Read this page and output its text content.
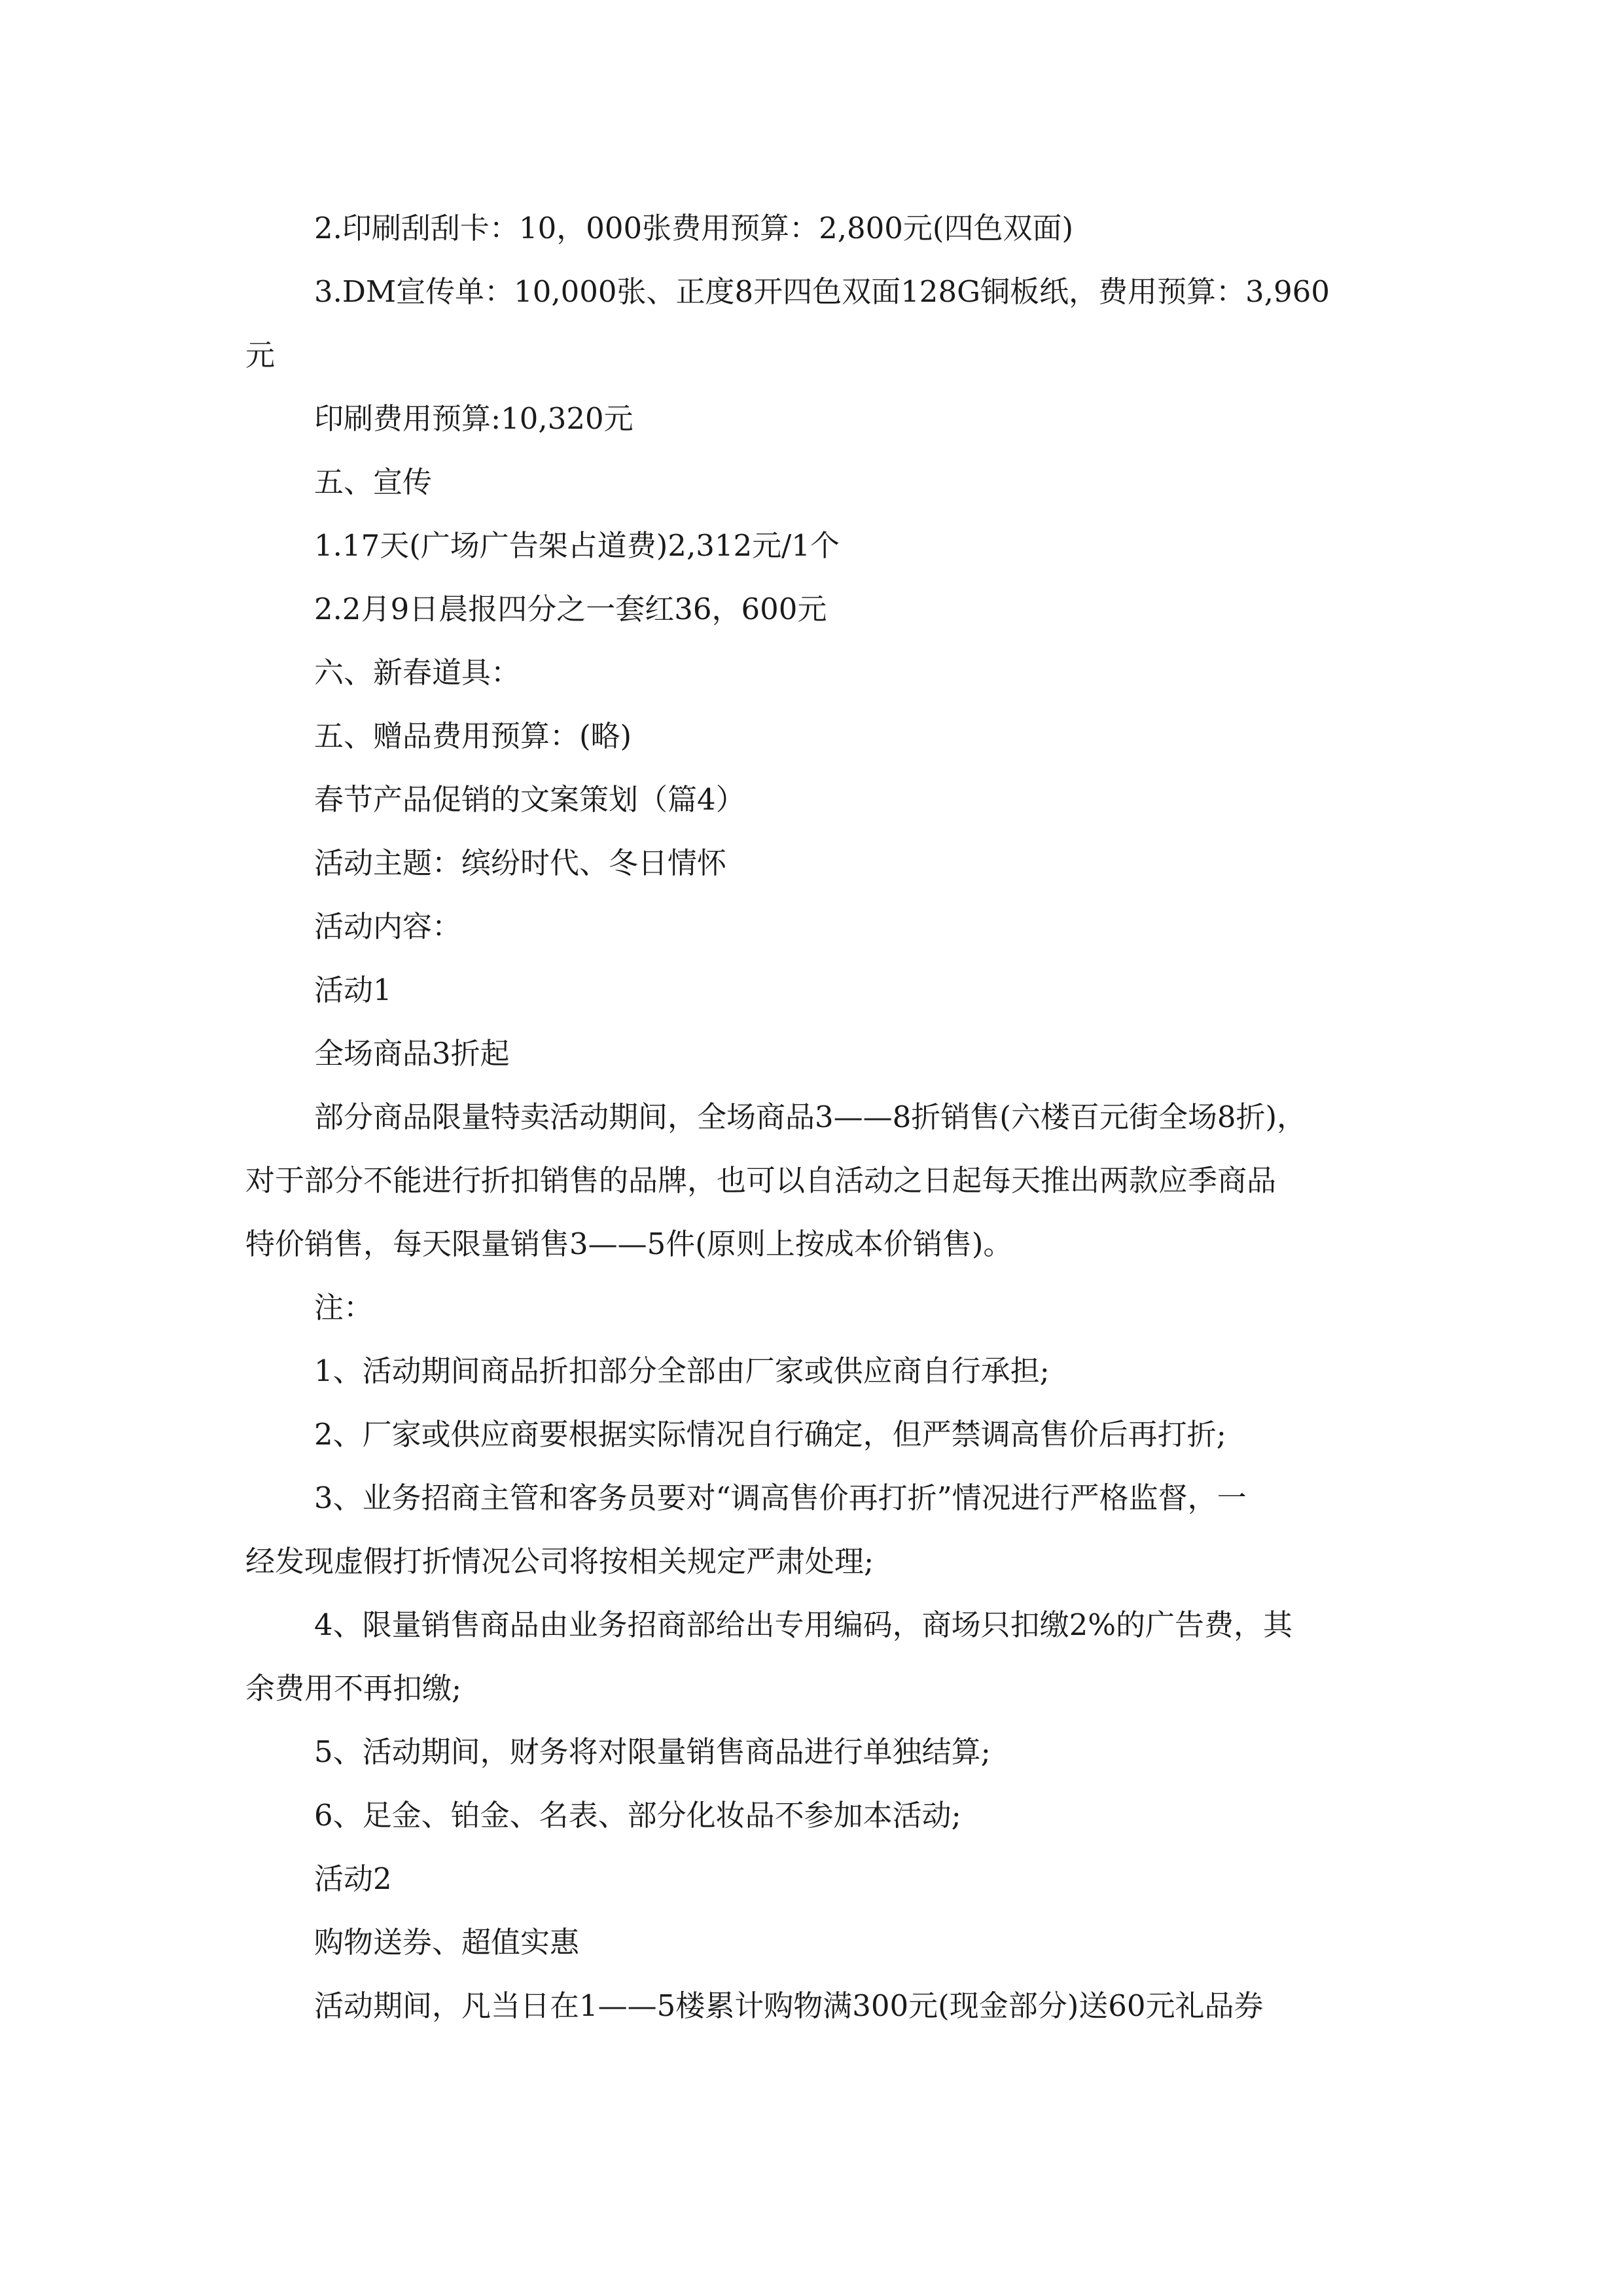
2.印刷刮刮卡：10，000张费用预算：2,800元(四色双面)

3.DM宣传单：10,000张、正度8开四色双面128G铜板纸，费用预算：3,960

元

印刷费用预算:10,320元

五、宣传

1.17天(广场广告架占道费)2,312元/1个

2.2月9日晨报四分之一套红36，600元

六、新春道具：

五、赠品费用预算：(略)

春节产品促销的文案策划（篇4）

活动主题：缤纷时代、冬日情怀

活动内容：

活动1

全场商品3折起

部分商品限量特卖活动期间，全场商品3——8折销售(六楼百元街全场8折)，

对于部分不能进行折扣销售的品牌，也可以自活动之日起每天推出两款应季商品

特价销售，每天限量销售3——5件(原则上按成本价销售)。

注：

1、活动期间商品折扣部分全部由厂家或供应商自行承担;

2、厂家或供应商要根据实际情况自行确定，但严禁调高售价后再打折;

3、业务招商主管和客务员要对“调高售价再打折”情况进行严格监督，一

经发现虚假打折情况公司将按相关规定严肃处理;

4、限量销售商品由业务招商部给出专用编码，商场只扣缴2%的广告费，其

余费用不再扣缴;

5、活动期间，财务将对限量销售商品进行单独结算;

6、足金、铂金、名表、部分化妆品不参加本活动;

活动2

购物送券、超值实惠

活动期间，凡当日在1——5楼累计购物满300元(现金部分)送60元礼品券
